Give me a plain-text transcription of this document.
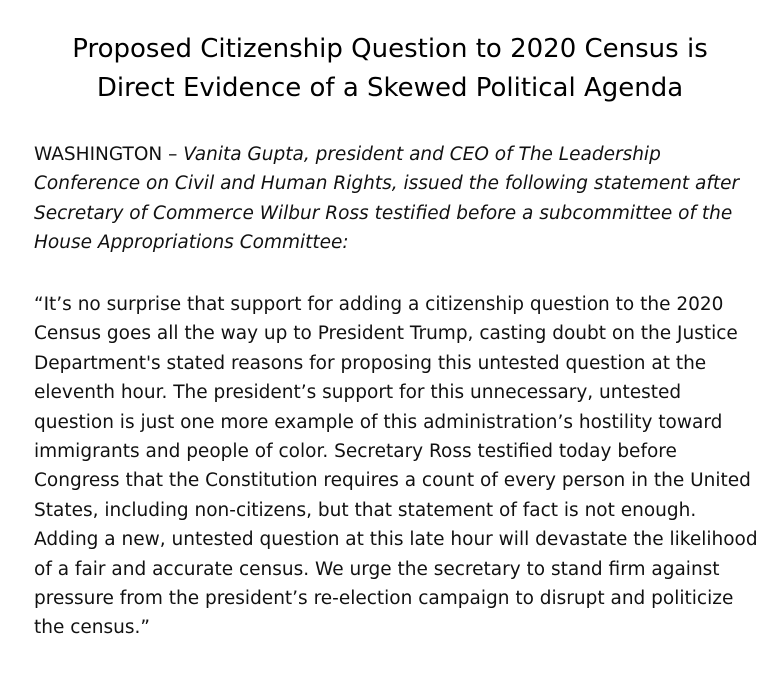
Proposed Citizenship Question to 2020 Census is
Direct Evidence of a Skewed Political Agenda

WASHINGTON – Vanita Gupta, president and CEO of The Leadership
Conference on Civil and Human Rights, issued the following statement after
Secretary of Commerce Wilbur Ross testified before a subcommittee of the
House Appropriations Committee:

“It’s no surprise that support for adding a citizenship question to the 2020
Census goes all the way up to President Trump, casting doubt on the Justice
Department's stated reasons for proposing this untested question at the
eleventh hour. The president’s support for this unnecessary, untested
question is just one more example of this administration’s hostility toward
immigrants and people of color. Secretary Ross testified today before
Congress that the Constitution requires a count of every person in the United
States, including non-citizens, but that statement of fact is not enough.
Adding a new, untested question at this late hour will devastate the likelihood
of a fair and accurate census. We urge the secretary to stand firm against
pressure from the president’s re-election campaign to disrupt and politicize
the census.”
